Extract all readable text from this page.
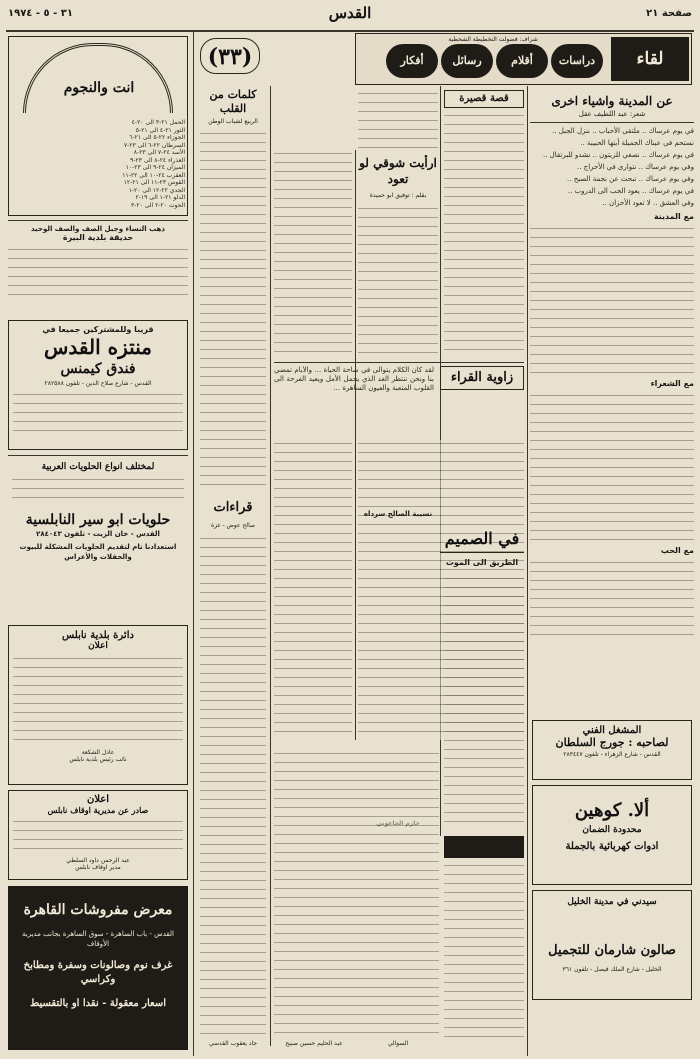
صفحة ٢١
القدس
٣١ - ٥ - ١٩٧٤
لقاء
دراسات
أقلام
رسائل
أفكار
شراف: فضولت التخطيطة الشحطية
(٣٣)
عن المدينة واشياء اخرى
شعر: عبد اللطيف عقل

في يوم عرساك .. ملتقى الأحباب .. ننزل الجبل ..

نستحم في عيناك الجميلة أيتها الحبيبة ..

في يوم عرساك .. نصغي للزيتون .. نشدو للبرتقال ..

وفي يوم عرساك .. نتوارى في الأحراج ..

وفي يوم عرساك .. تبحث عن نجمة الصبح ..

في يوم عرساك .. يعود الحب الى الدروب ..

وفي العشق .. لا تعود الأحزان ..

مع المدينة
مع الشعراء
مع الحب
المشغل الفني
لصاحبه : جورج السلطان
القدس - شارع الزهراء - تلفون ٢٨٣٤٤٧
ألا. كوهين
محدودة الضمان
ادوات كهربائية بالجملة
سيدني في مدينة الخليل
صالون شارمان للتجميل
الخليل - شارع الملك فيصل - تلفون ٣٦١
قصة قصيرة
ارأيت شوقي لو تعود
بقلم : توفيق ابو حميدة
كلمات من القلب
الربيع لشباب الوطن
زاوية القراء

لقد كان الكلام يتوالى في ساحة الحياة ... والأيام تمضي بنا ونحن ننتظر الغد الذي يحمل الأمل ويعيد الفرحة الى القلوب المتعبة والعيون الساهرة ...

قراءات
صالح عوض - غزة
نسيبة الصالح سرداه
في الصميم
الطريق الى الموت
عبد الحليم حسين صبيح	السوالي
جاد يعقوب القدسي
انت والنجوم
الحمل ٢١-٣ الى ٢٠-٤
الثور ٢١-٤ الى ٢١-٥
الجوزاء ٢٢-٥ الى ٢١-٦
السرطان ٢٢-٦ الى ٢٣-٧
الأسد ٢٤-٧ الى ٢٣-٨
العذراء ٢٤-٨ الى ٢٣-٩
الميزان ٢٤-٩ الى ٢٣-١٠
العقرب ٢٤-١٠ الى ٢٢-١١
القوس ٢٣-١١ الى ٢١-١٢
الجدي ٢٢-١٢ الى ٢٠-١
الدلو ٢١-١ الى ١٩-٢
الحوت ٢٠-٢ الى ٢٠-٣
ذهب النساء وجبل الصف والصف الوحيد
حديقة بلدية البيرة
قريبا وللمشتركين جميعا في
منتزه القدس
فندق كيمنس
القدس - شارع صلاح الدين - تلفون ٢٨٢٥٨٨
لمختلف انواع الحلويات العربية
حلويات ابو سير النابلسية
القدس - خان الزيت - تلفون ٢٨٤٠٤٣
استعدادنا تام لتقديم الحلويات المشكلة للبيوت والحفلات والأعراس
دائرة بلدية نابلس
اعلان
عادل الشكعة
نائب رئيس بلدية نابلس
اعلان
صادر عن مديرية اوقاف نابلس
عبد الرحمن داود السلطي
مدير اوقاف نابلس
معرض مفروشات القاهرة
القدس - باب الساهرة - سوق الساهرة بجانب مديرية الأوقاف
غرف نوم وصالونات وسفرة ومطابخ وكراسي
اسعار معقولة - نقدا او بالتقسيط
